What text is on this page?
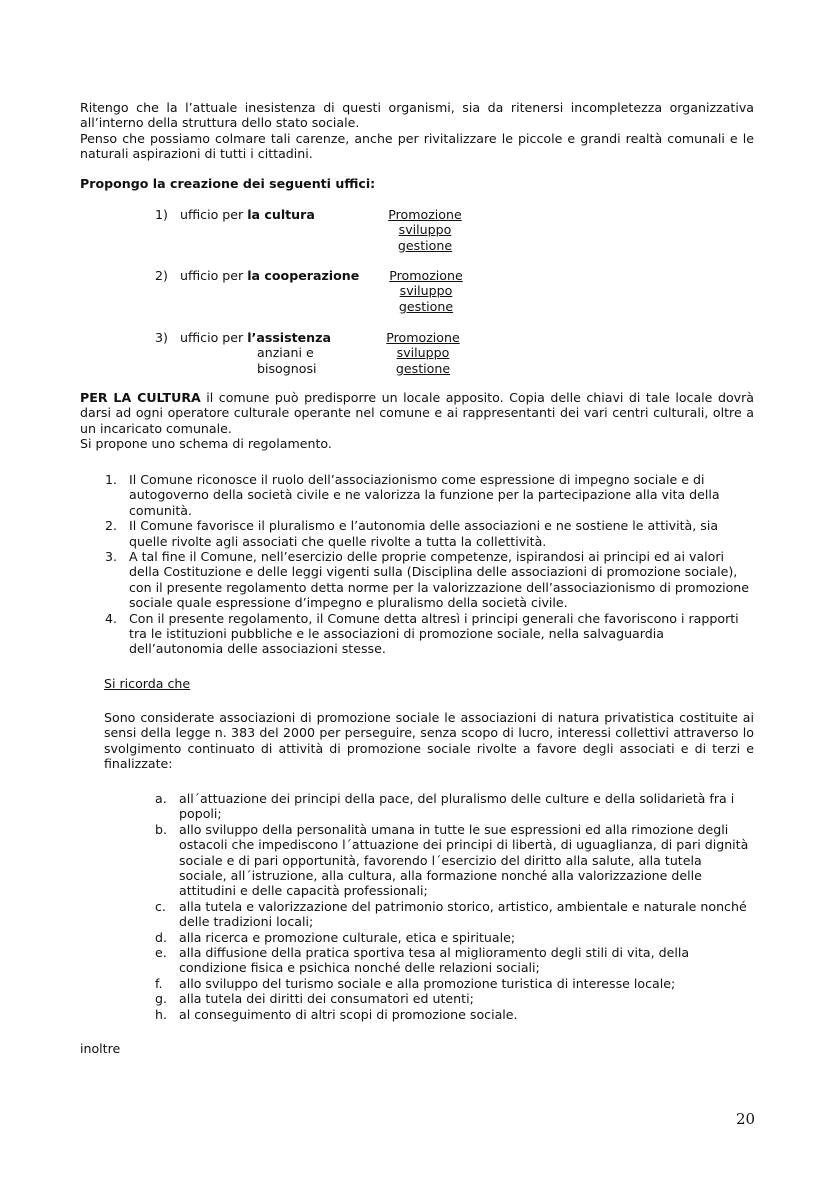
Ritengo che la l’attuale inesistenza di questi organismi, sia da ritenersi incompletezza organizzativa all’interno della struttura dello stato sociale.

Penso che possiamo colmare tali carenze, anche per rivitalizzare le piccole e grandi realtà comunali e le naturali aspirazioni di tutti i cittadini.

Propongo la creazione dei seguenti uffici:

1) ufficio per la cultura	Promozione
sviluppo
gestione
2) ufficio per la cooperazione Promozione
sviluppo
gestione
3) ufficio per l’assistenza
anziani e
bisognosi
Promozione
sviluppo
gestione

PER LA CULTURA il comune può predisporre un locale apposito. Copia delle chiavi di tale locale dovrà darsi ad ogni operatore culturale operante nel comune e ai rappresentanti dei vari centri culturali, oltre a un incaricato comunale.

Si propone uno schema di regolamento.

1. Il Comune riconosce il ruolo dell’associazionismo come espressione di impegno sociale e di autogoverno della società civile e ne valorizza la funzione per la partecipazione alla vita della comunità.
2. Il Comune favorisce il pluralismo e l’autonomia delle associazioni e ne sostiene le attività, sia quelle rivolte agli associati che quelle rivolte a tutta la collettività.
3. A tal fine il Comune, nell’esercizio delle proprie competenze, ispirandosi ai principi ed ai valori della Costituzione e delle leggi vigenti sulla (Disciplina delle associazioni di promozione sociale), con il presente regolamento detta norme per la valorizzazione dell’associazionismo di promozione sociale quale espressione d’impegno e pluralismo della società civile.
4. Con il presente regolamento, il Comune detta altresì i principi generali che favoriscono i rapporti tra le istituzioni pubbliche e le associazioni di promozione sociale, nella salvaguardia dell’autonomia delle associazioni stesse.

Si ricorda che

Sono considerate associazioni di promozione sociale le associazioni di natura privatistica costituite ai sensi della legge n. 383 del 2000 per perseguire, senza scopo di lucro, interessi collettivi attraverso lo svolgimento continuato di attività di promozione sociale rivolte a favore degli associati e di terzi e finalizzate:

a. all´attuazione dei principi della pace, del pluralismo delle culture e della solidarietà fra i popoli;
b. allo sviluppo della personalità umana in tutte le sue espressioni ed alla rimozione degli ostacoli che impediscono l´attuazione dei principi di libertà, di uguaglianza, di pari dignità sociale e di pari opportunità, favorendo l´esercizio del diritto alla salute, alla tutela sociale, all´istruzione, alla cultura, alla formazione nonché alla valorizzazione delle attitudini e delle capacità professionali;
c. alla tutela e valorizzazione del patrimonio storico, artistico, ambientale e naturale nonché delle tradizioni locali;
d. alla ricerca e promozione culturale, etica e spirituale;
e. alla diffusione della pratica sportiva tesa al miglioramento degli stili di vita, della condizione fisica e psichica nonché delle relazioni sociali;
f. allo sviluppo del turismo sociale e alla promozione turistica di interesse locale;
g. alla tutela dei diritti dei consumatori ed utenti;
h. al conseguimento di altri scopi di promozione sociale.

inoltre

20
